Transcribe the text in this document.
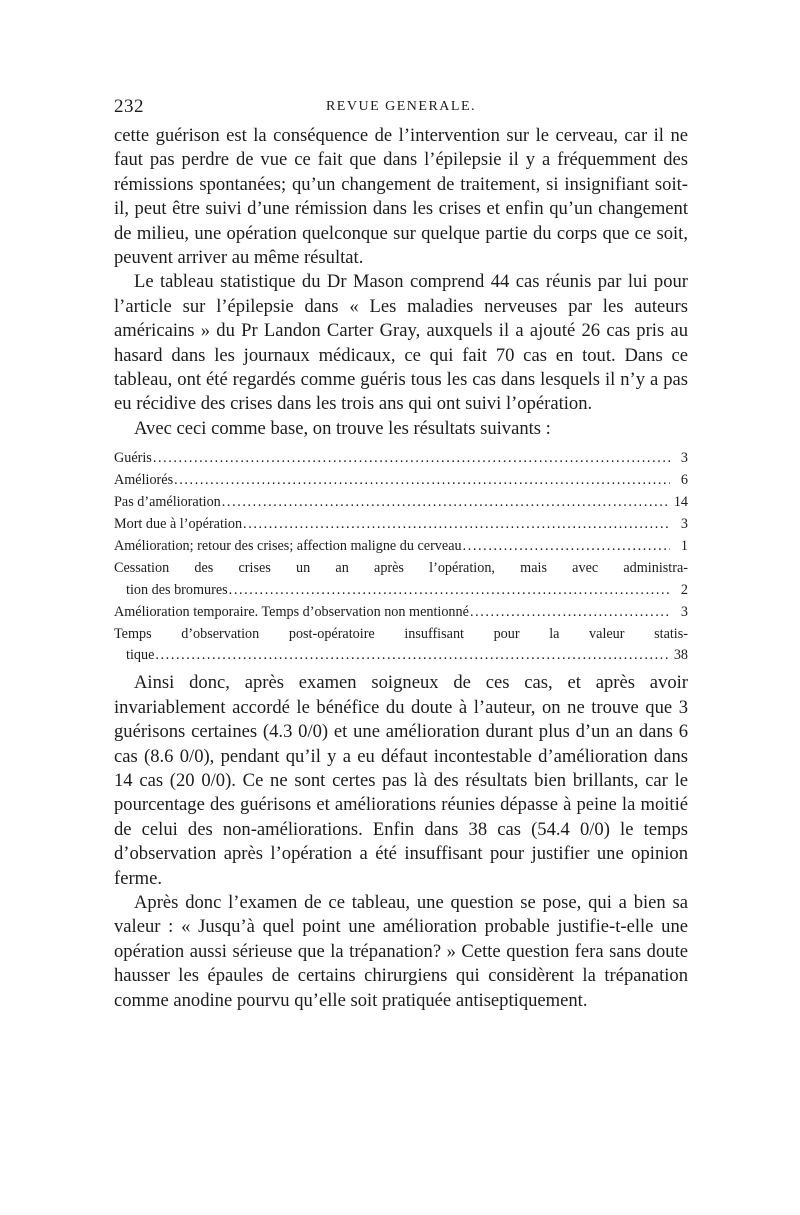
232	REVUE GENERALE.

cette guérison est la conséquence de l’intervention sur le cerveau, car il ne faut pas perdre de vue ce fait que dans l’épilepsie il y a fréquemment des rémissions spontanées; qu’un changement de traitement, si insignifiant soit-il, peut être suivi d’une rémission dans les crises et enfin qu’un changement de milieu, une opération quelconque sur quelque partie du corps que ce soit, peuvent arriver au même résultat.

Le tableau statistique du Dr Mason comprend 44 cas réunis par lui pour l’article sur l’épilepsie dans « Les maladies nerveuses par les auteurs américains » du Pr Landon Carter Gray, auxquels il a ajouté 26 cas pris au hasard dans les journaux médicaux, ce qui fait 70 cas en tout. Dans ce tableau, ont été regardés comme guéris tous les cas dans lesquels il n’y a pas eu récidive des crises dans les trois ans qui ont suivi l’opération.

Avec ceci comme base, on trouve les résultats suivants :

Guéris .....	3
Améliorés .....	6
Pas d’amélioration .....	14
Mort due à l’opération .....	3
Amélioration; retour des crises; affection maligne du cerveau .....	1
Cessation des crises un an après l’opération, mais avec administra-
tion des bromures .....	2
Amélioration temporaire. Temps d’observation non mentionné .....	3
Temps d’observation post-opératoire insuffisant pour la valeur statis-
tique .....	38

Ainsi donc, après examen soigneux de ces cas, et après avoir invariablement accordé le bénéfice du doute à l’auteur, on ne trouve que 3 guérisons certaines (4.3 0/0) et une amélioration durant plus d’un an dans 6 cas (8.6 0/0), pendant qu’il y a eu défaut incontestable d’amélioration dans 14 cas (20 0/0). Ce ne sont certes pas là des résultats bien brillants, car le pourcentage des guérisons et améliorations réunies dépasse à peine la moitié de celui des non-améliorations. Enfin dans 38 cas (54.4 0/0) le temps d’observation après l’opération a été insuffisant pour justifier une opinion ferme.

Après donc l’examen de ce tableau, une question se pose, qui a bien sa valeur : « Jusqu’à quel point une amélioration probable justifie-t-elle une opération aussi sérieuse que la trépanation? » Cette question fera sans doute hausser les épaules de certains chirurgiens qui considèrent la trépanation comme anodine pourvu qu’elle soit pratiquée antiseptiquement.
